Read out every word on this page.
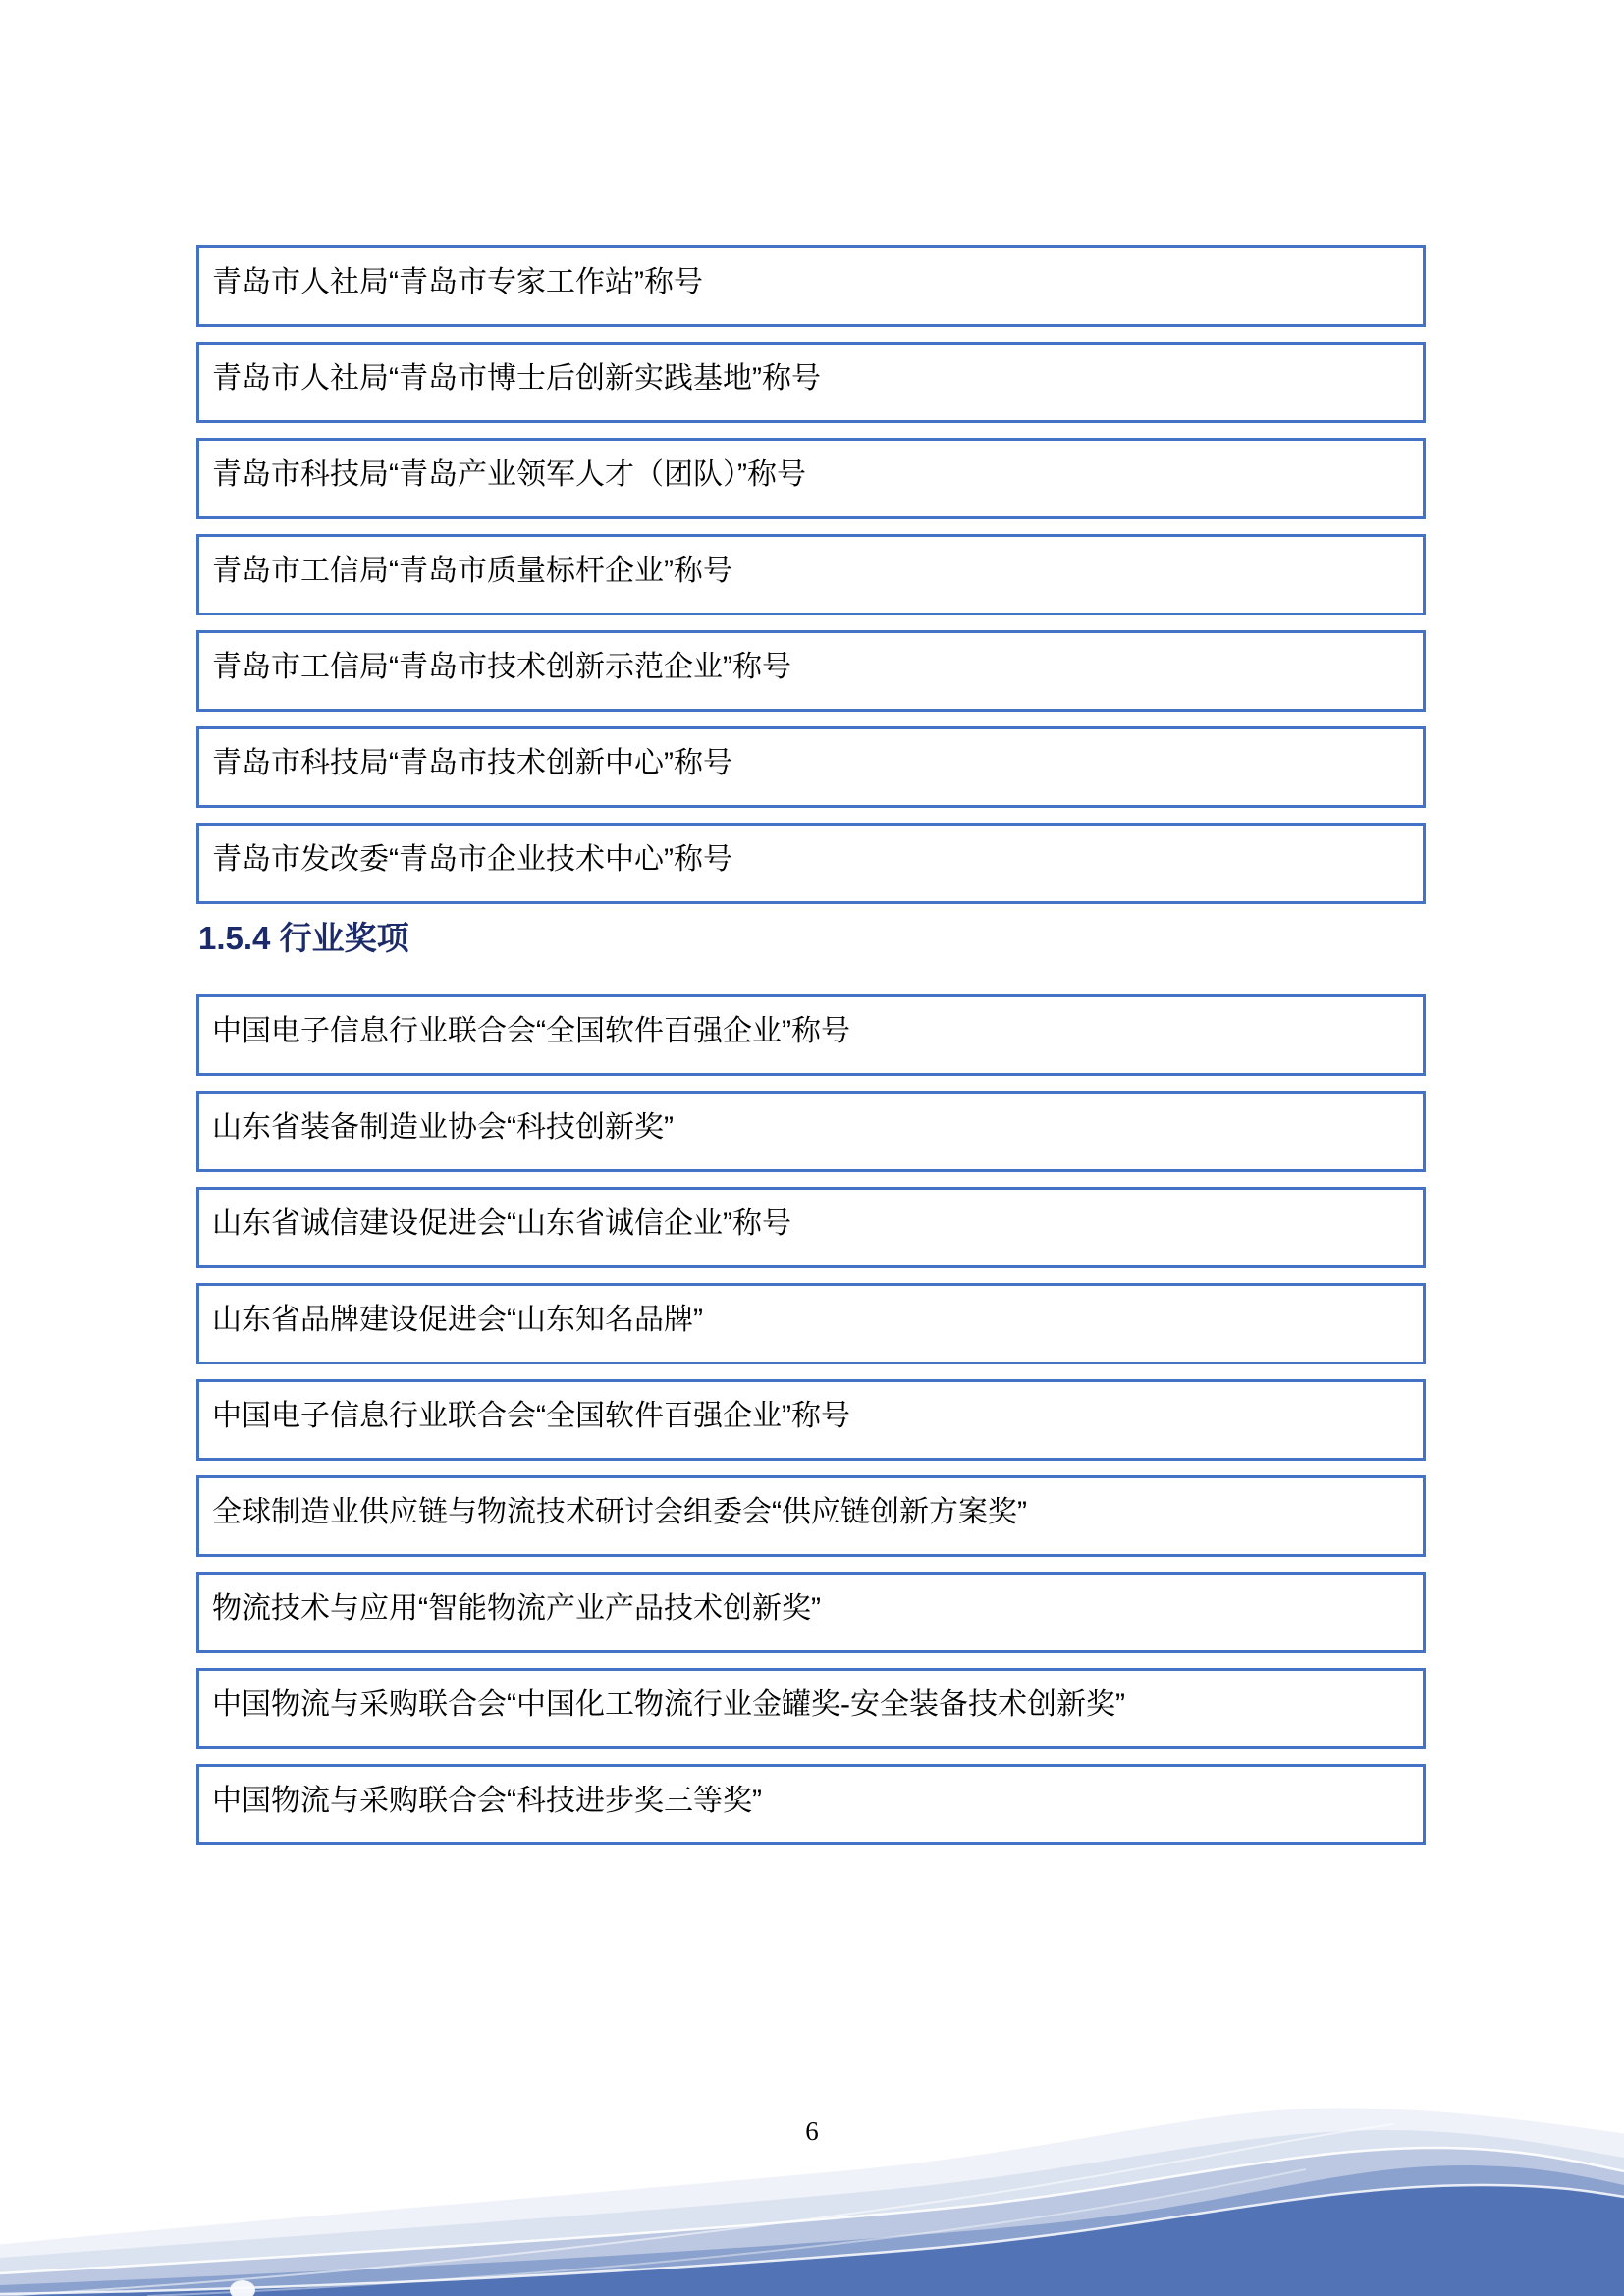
青岛市人社局“青岛市专家工作站”称号
青岛市人社局“青岛市博士后创新实践基地”称号
青岛市科技局“青岛产业领军人才（团队）”称号
青岛市工信局“青岛市质量标杆企业”称号
青岛市工信局“青岛市技术创新示范企业”称号
青岛市科技局“青岛市技术创新中心”称号
青岛市发改委“青岛市企业技术中心”称号
1.5.4 行业奖项
中国电子信息行业联合会“全国软件百强企业”称号
山东省装备制造业协会“科技创新奖”
山东省诚信建设促进会“山东省诚信企业”称号
山东省品牌建设促进会“山东知名品牌”
中国电子信息行业联合会“全国软件百强企业”称号
全球制造业供应链与物流技术研讨会组委会“供应链创新方案奖”
物流技术与应用“智能物流产业产品技术创新奖”
中国物流与采购联合会“中国化工物流行业金罐奖-安全装备技术创新奖”
中国物流与采购联合会“科技进步奖三等奖”
6
